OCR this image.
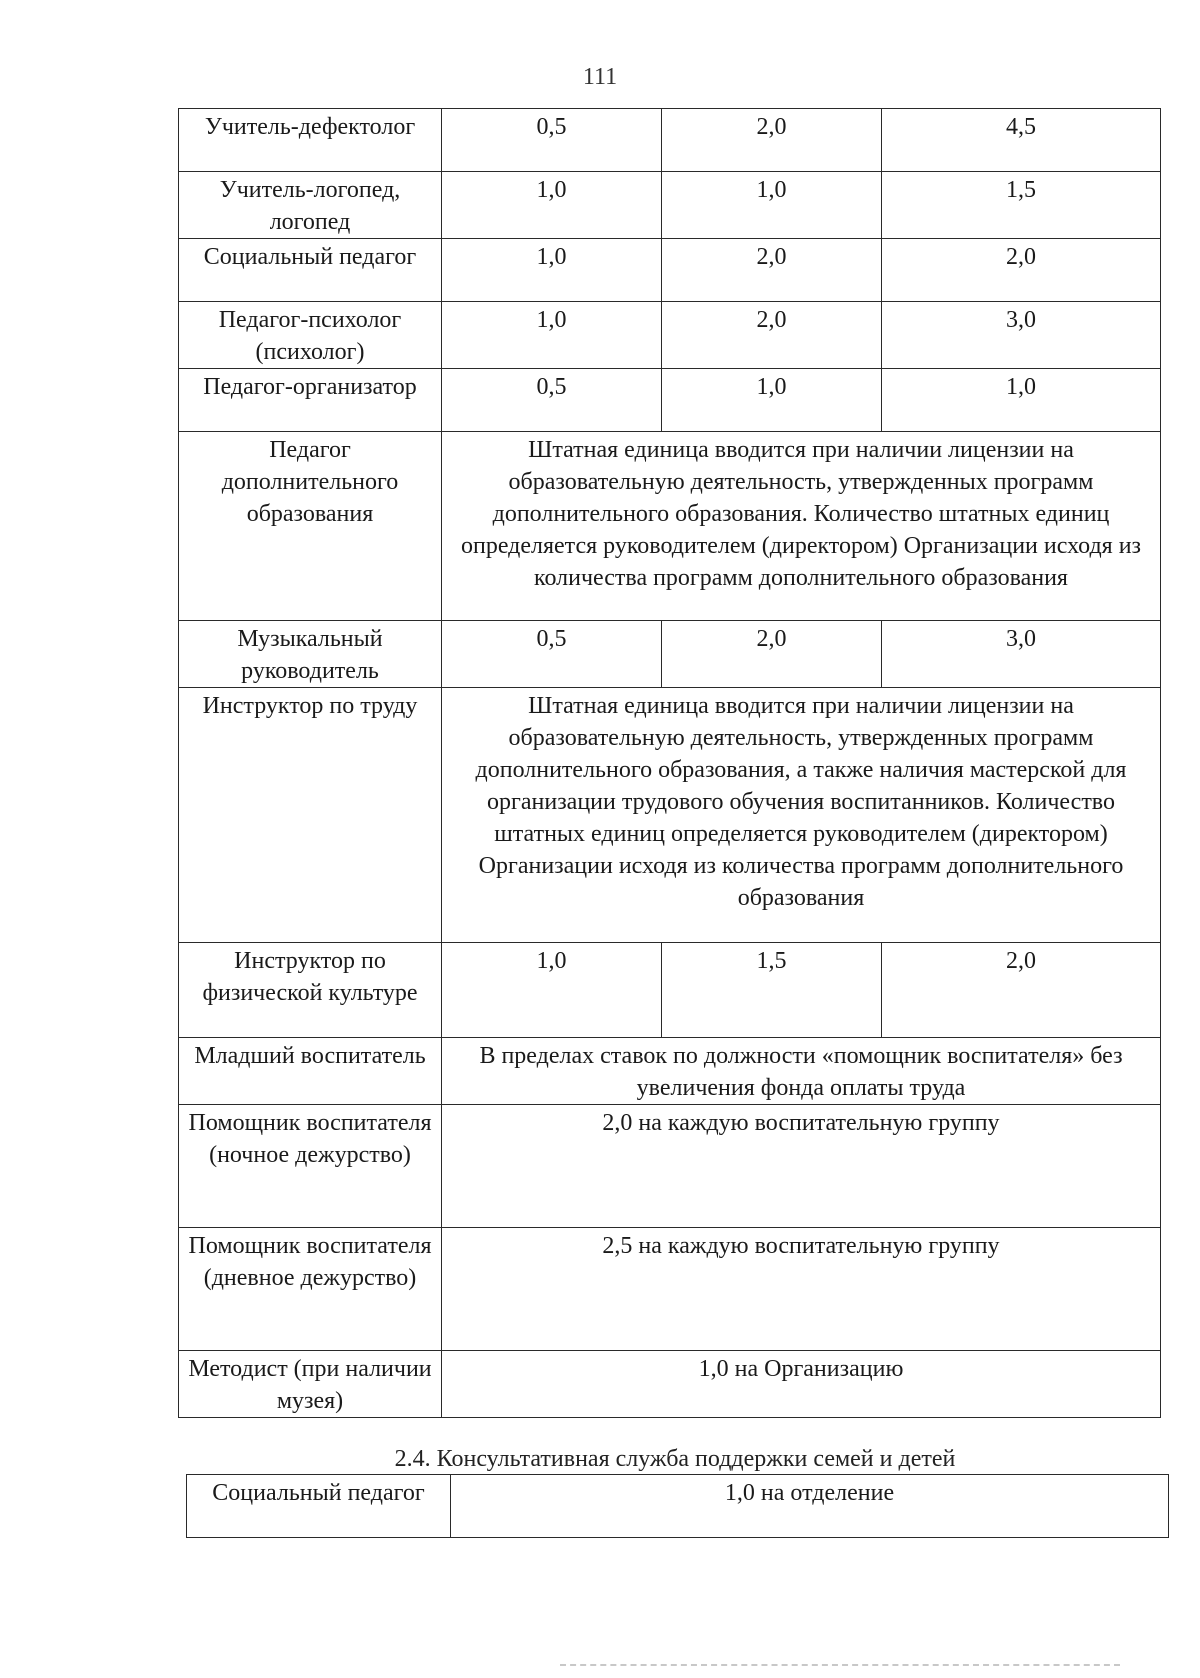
111
Учитель-дефектолог	0,5	2,0	4,5
Учитель-логопед, логопед	1,0	1,0	1,5
Социальный педагог	1,0	2,0	2,0
Педагог-психолог (психолог)	1,0	2,0	3,0
Педагог-организатор	0,5	1,0	1,0
Педагог дополнительного образования	Штатная единица вводится при наличии лицензии на образовательную деятельность, утвержденных программ дополнительного образования. Количество штатных единиц определяется руководителем (директором) Организации исходя из количества программ дополнительного образования		
Музыкальный руководитель	0,5	2,0	3,0
Инструктор по труду	Штатная единица вводится при наличии лицензии на образовательную деятельность, утвержденных программ дополнительного образования, а также наличия мастерской для организации трудового обучения воспитанников. Количество штатных единиц определяется руководителем (директором) Организации исходя из количества программ дополнительного образования		
Инструктор по физической культуре	1,0	1,5	2,0
Младший воспитатель	В пределах ставок по должности «помощник воспитателя» без увеличения фонда оплаты труда		
Помощник воспитателя (ночное дежурство)	2,0 на каждую воспитательную группу		
Помощник воспитателя (дневное дежурство)	2,5 на каждую воспитательную группу		
Методист (при наличии музея)	1,0 на Организацию		
2.4. Консультативная служба поддержки семей и детей
Социальный педагог	1,0 на отделение
